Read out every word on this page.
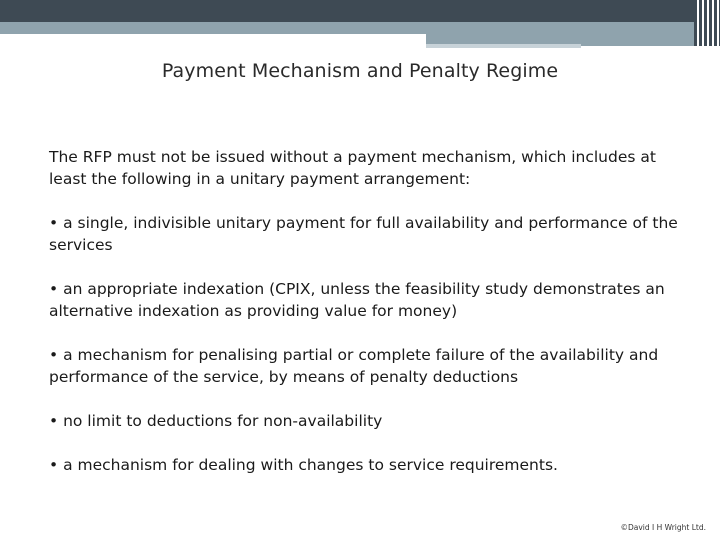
Payment Mechanism and Penalty Regime

The RFP must not be issued without a payment mechanism, which includes at least the following in a unitary payment arrangement:

• a single, indivisible unitary payment for full availability and performance of the services

• an appropriate indexation (CPIX, unless the feasibility study demonstrates an alternative indexation as providing value for money)

• a mechanism for penalising partial or complete failure of the availability and performance of the service, by means of penalty deductions

• no limit to deductions for non-availability

• a mechanism for dealing with changes to service requirements.

©David I H Wright Ltd.
